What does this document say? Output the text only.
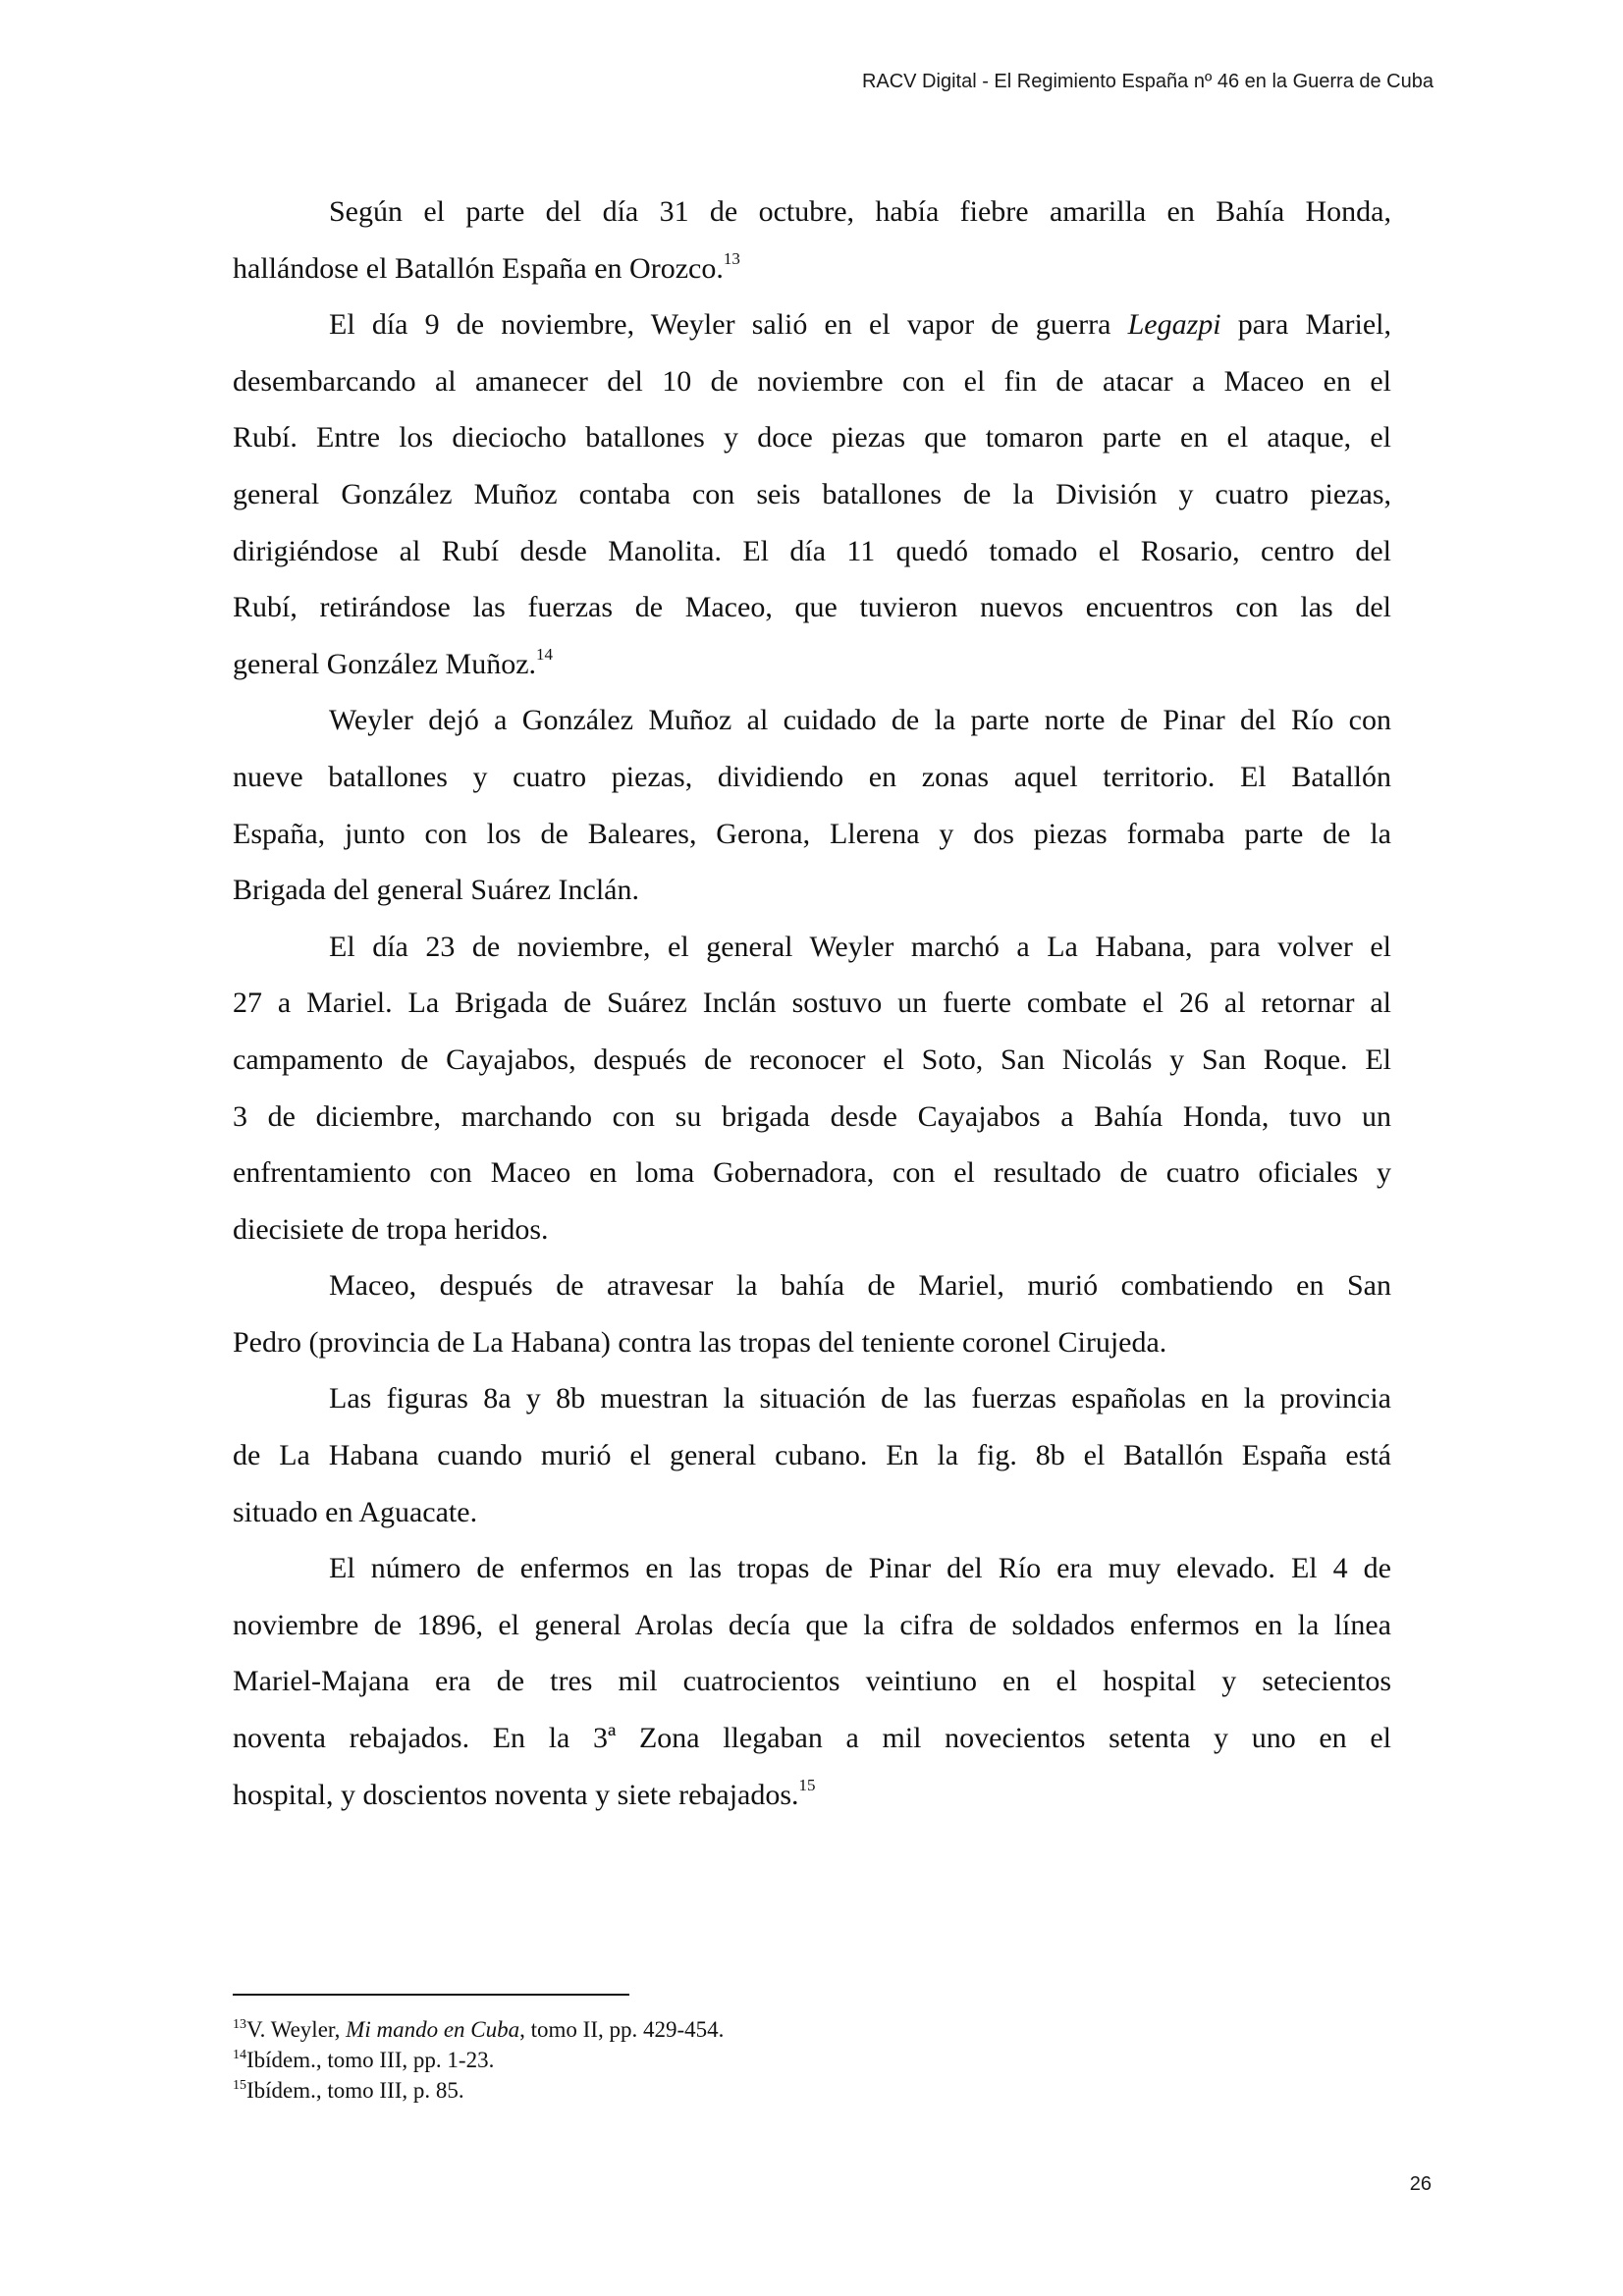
RACV Digital - El Regimiento España nº 46 en la Guerra de Cuba
Según el parte del día 31 de octubre, había fiebre amarilla en Bahía Honda,
hallándose el Batallón España en Orozco.$^{13}$
El día 9 de noviembre, Weyler salió en el vapor de guerra Legazpi para Mariel,
desembarcando al amanecer del 10 de noviembre con el fin de atacar a Maceo en el
Rubí. Entre los dieciocho batallones y doce piezas que tomaron parte en el ataque, el
general González Muñoz contaba con seis batallones de la División y cuatro piezas,
dirigiéndose al Rubí desde Manolita. El día 11 quedó tomado el Rosario, centro del
Rubí, retirándose las fuerzas de Maceo, que tuvieron nuevos encuentros con las del
general González Muñoz.$^{14}$
Weyler dejó a González Muñoz al cuidado de la parte norte de Pinar del Río con
nueve batallones y cuatro piezas, dividiendo en zonas aquel territorio. El Batallón
España, junto con los de Baleares, Gerona, Llerena y dos piezas formaba parte de la
Brigada del general Suárez Inclán.
El día 23 de noviembre, el general Weyler marchó a La Habana, para volver el
27 a Mariel. La Brigada de Suárez Inclán sostuvo un fuerte combate el 26 al retornar al
campamento de Cayajabos, después de reconocer el Soto, San Nicolás y San Roque. El
3 de diciembre, marchando con su brigada desde Cayajabos a Bahía Honda, tuvo un
enfrentamiento con Maceo en loma Gobernadora, con el resultado de cuatro oficiales y
diecisiete de tropa heridos.
Maceo, después de atravesar la bahía de Mariel, murió combatiendo en San
Pedro (provincia de La Habana) contra las tropas del teniente coronel Cirujeda.
Las figuras 8a y 8b muestran la situación de las fuerzas españolas en la provincia
de La Habana cuando murió el general cubano. En la fig. 8b el Batallón España está
situado en Aguacate.
El número de enfermos en las tropas de Pinar del Río era muy elevado. El 4 de
noviembre de 1896, el general Arolas decía que la cifra de soldados enfermos en la línea
Mariel-Majana era de tres mil cuatrocientos veintiuno en el hospital y setecientos
noventa rebajados. En la 3ª Zona llegaban a mil novecientos setenta y uno en el
hospital, y doscientos noventa y siete rebajados.$^{15}$
$^{13}$V. Weyler, Mi mando en Cuba, tomo II, pp. 429-454.
$^{14}$Ibídem., tomo III, pp. 1-23.
$^{15}$Ibídem., tomo III, p. 85.
26
